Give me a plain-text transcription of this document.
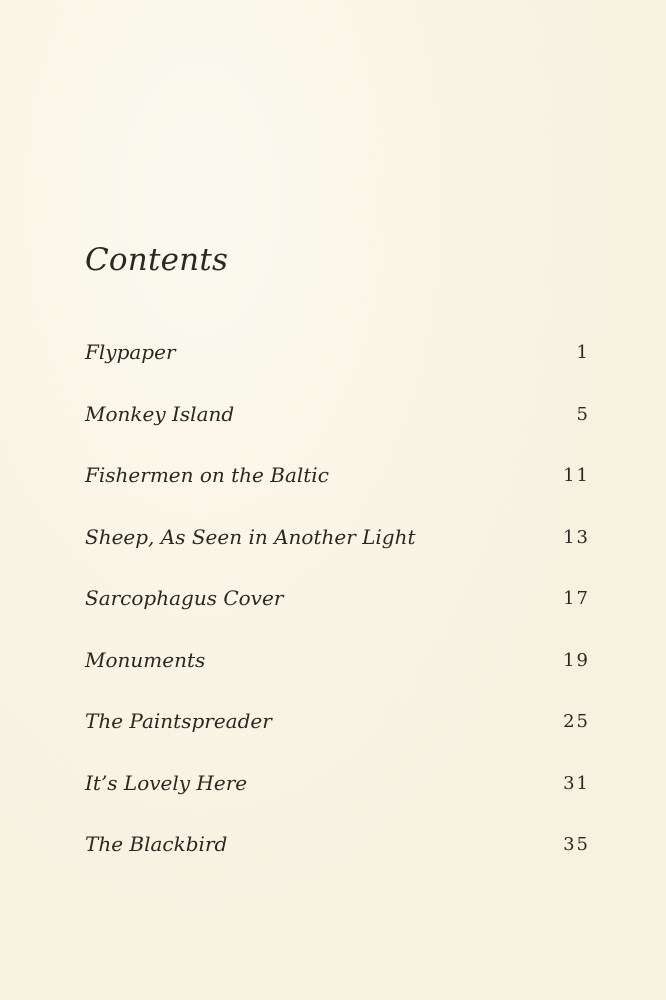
Contents
Flypaper	1
Monkey Island	5
Fishermen on the Baltic	11
Sheep, As Seen in Another Light	13
Sarcophagus Cover	17
Monuments	19
The Paintspreader	25
It’s Lovely Here	31
The Blackbird	35
